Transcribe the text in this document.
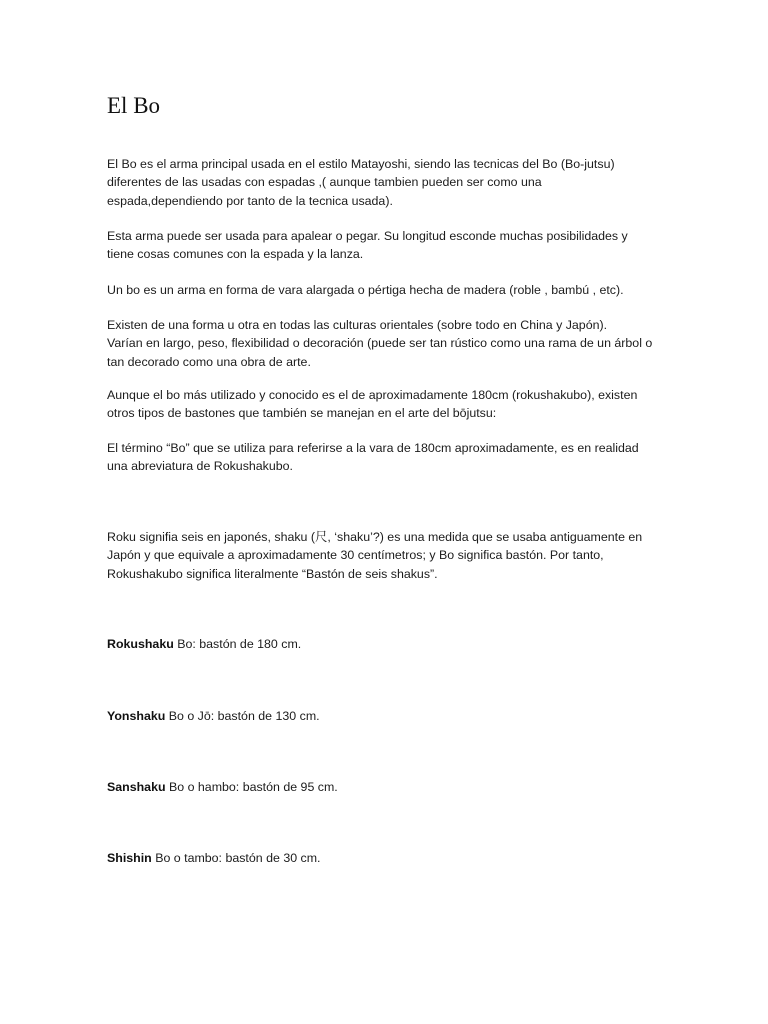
El Bo

El Bo es el arma principal usada en el estilo Matayoshi, siendo las tecnicas del Bo (Bo-jutsu)
diferentes de las usadas con espadas ,( aunque tambien pueden ser como una
espada,dependiendo por tanto de la tecnica usada).

Esta arma puede ser usada para apalear o pegar. Su longitud esconde muchas posibilidades y
tiene cosas comunes con la espada y la lanza.

Un bo es un arma en forma de vara alargada o pértiga hecha de madera (roble , bambú , etc).

Existen de una forma u otra en todas las culturas orientales (sobre todo en China y Japón).
Varían en largo, peso, flexibilidad o decoración (puede ser tan rústico como una rama de un árbol o
tan decorado como una obra de arte.

Aunque el bo más utilizado y conocido es el de aproximadamente 180cm (rokushakubo), existen
otros tipos de bastones que también se manejan en el arte del bōjutsu:

El término “Bo” que se utiliza para referirse a la vara de 180cm aproximadamente, es en realidad
una abreviatura de Rokushakubo.

Roku signifia seis en japonés, shaku (尺, ‘shaku’?) es una medida que se usaba antiguamente en
Japón y que equivale a aproximadamente 30 centímetros; y Bo significa bastón. Por tanto,
Rokushakubo significa literalmente “Bastón de seis shakus”.

Rokushaku Bo: bastón de 180 cm.

Yonshaku Bo o Jō: bastón de 130 cm.

Sanshaku Bo o hambo: bastón de 95 cm.

Shishin Bo o tambo: bastón de 30 cm.
